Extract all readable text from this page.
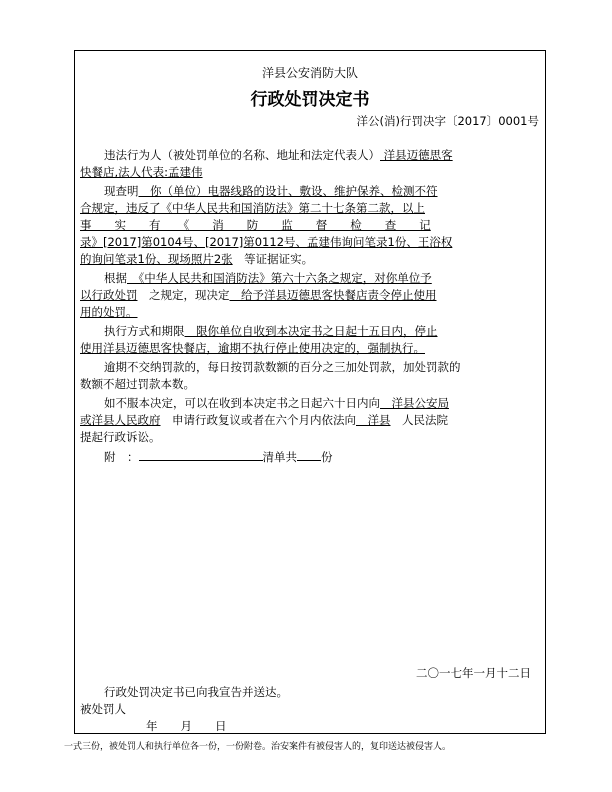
洋县公安消防大队
行政处罚决定书
洋公(消)行罚决字〔2017〕0001号
违法行为人（被处罚单位的名称、地址和法定代表人） 洋县迈德思客
快餐店,法人代表:孟建伟
现查明　你（单位）电器线路的设计、敷设、维护保养、检测不符
合规定，违反了《中华人民共和国消防法》第二十七条第二款，以上
事　　实　　有　　《　　消　　防　　监　　督　　检　　查　　记
录》[2017]第0104号、[2017]第0112号、孟建伟询问笔录1份、王浴权
的询问笔录1份、现场照片2张　等证据证实。
根据　《中华人民共和国消防法》第六十六条之规定，对你单位予
以行政处罚　之规定，现决定　给予洋县迈德思客快餐店责令停止使用
用的处罚。
执行方式和期限　限你单位自收到本决定书之日起十五日内，停止
使用洋县迈德思客快餐店，逾期不执行停止使用决定的，强制执行。
逾期不交纳罚款的，每日按罚款数额的百分之三加处罚款，加处罚款的
数额不超过罚款本数。
如不服本决定，可以在收到本决定书之日起六十日内向　洋县公安局
或洋县人民政府　申请行政复议或者在六个月内依法向　洋县　人民法院
提起行政诉讼。
附　：	清单共 份
二〇一七年一月十二日
行政处罚决定书已向我宣告并送达。
被处罚人
年　　月　　日
一式三份，被处罚人和执行单位各一份，一份附卷。治安案件有被侵害人的，复印送达被侵害人。
